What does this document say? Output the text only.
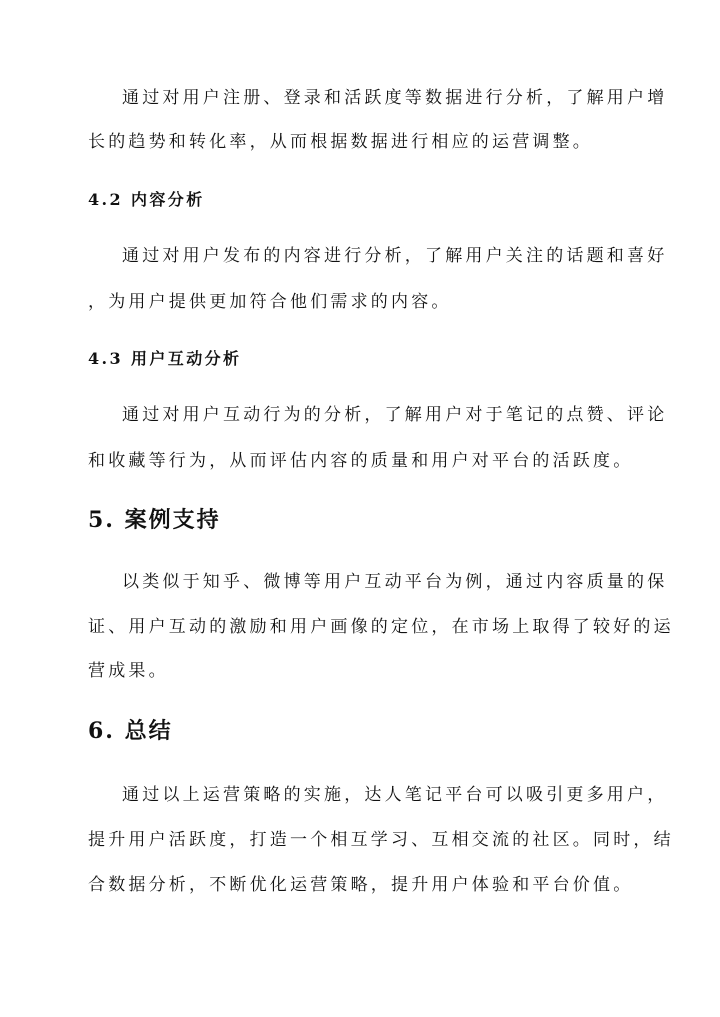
通过对用户注册、登录和活跃度等数据进行分析，了解用户增
长的趋势和转化率，从而根据数据进行相应的运营调整。
4.2 内容分析
通过对用户发布的内容进行分析，了解用户关注的话题和喜好
，为用户提供更加符合他们需求的内容。
4.3 用户互动分析
通过对用户互动行为的分析，了解用户对于笔记的点赞、评论
和收藏等行为，从而评估内容的质量和用户对平台的活跃度。
5. 案例支持
以类似于知乎、微博等用户互动平台为例，通过内容质量的保
证、用户互动的激励和用户画像的定位，在市场上取得了较好的运
营成果。
6. 总结
通过以上运营策略的实施，达人笔记平台可以吸引更多用户，
提升用户活跃度，打造一个相互学习、互相交流的社区。同时，结
合数据分析，不断优化运营策略，提升用户体验和平台价值。
